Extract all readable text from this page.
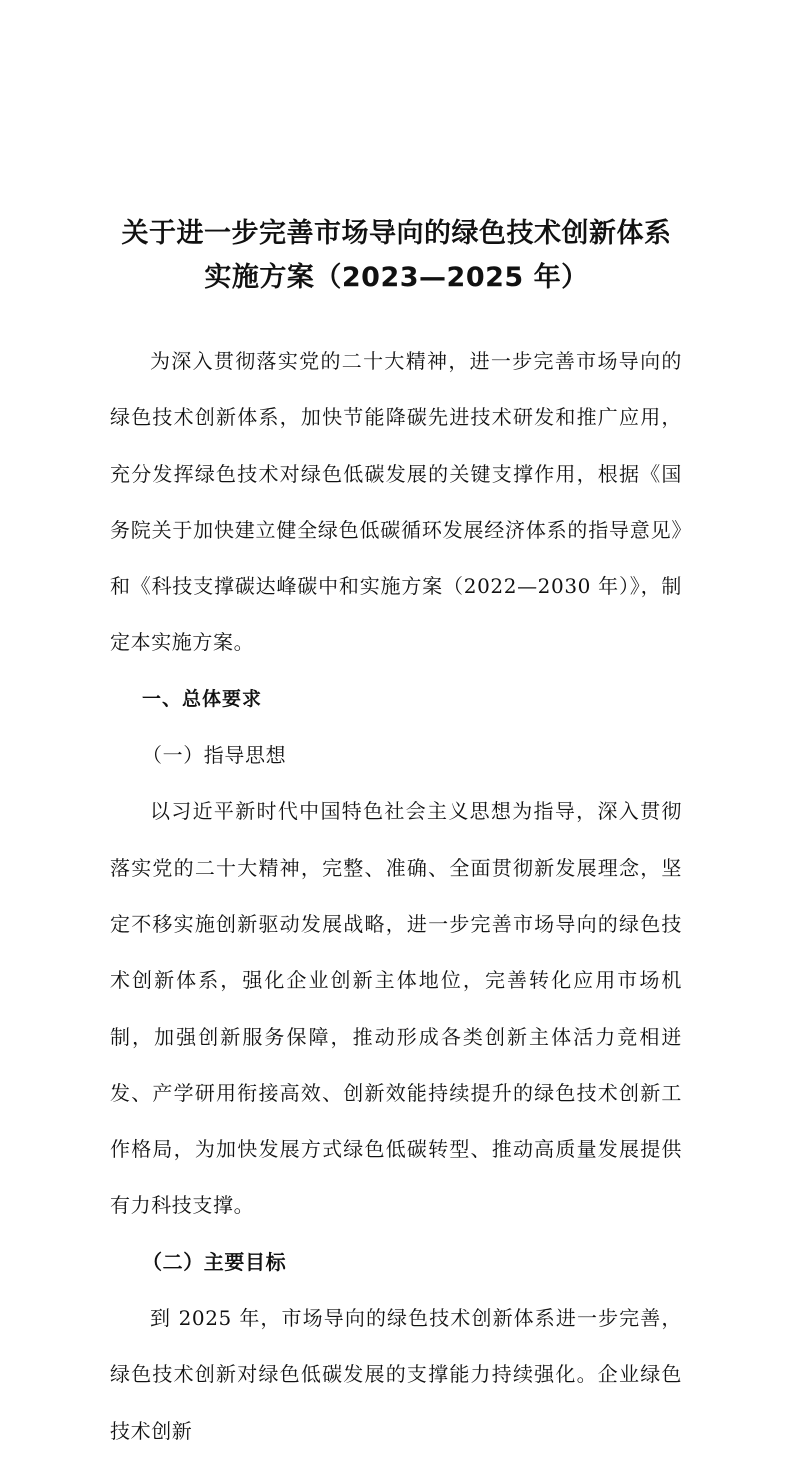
关于进一步完善市场导向的绿色技术创新体系
实施方案（2023—2025 年）

为深入贯彻落实党的二十大精神，进一步完善市场导向的绿色技术创新体系，加快节能降碳先进技术研发和推广应用，充分发挥绿色技术对绿色低碳发展的关键支撑作用，根据《国务院关于加快建立健全绿色低碳循环发展经济体系的指导意见》和《科技支撑碳达峰碳中和实施方案（2022—2030 年）》，制定本实施方案。

一、总体要求

（一）指导思想

以习近平新时代中国特色社会主义思想为指导，深入贯彻落实党的二十大精神，完整、准确、全面贯彻新发展理念，坚定不移实施创新驱动发展战略，进一步完善市场导向的绿色技术创新体系，强化企业创新主体地位，完善转化应用市场机制，加强创新服务保障，推动形成各类创新主体活力竞相迸发、产学研用衔接高效、创新效能持续提升的绿色技术创新工作格局，为加快发展方式绿色低碳转型、推动高质量发展提供有力科技支撑。

（二）主要目标

到 2025 年，市场导向的绿色技术创新体系进一步完善，绿色技术创新对绿色低碳发展的支撑能力持续强化。企业绿色技术创新
